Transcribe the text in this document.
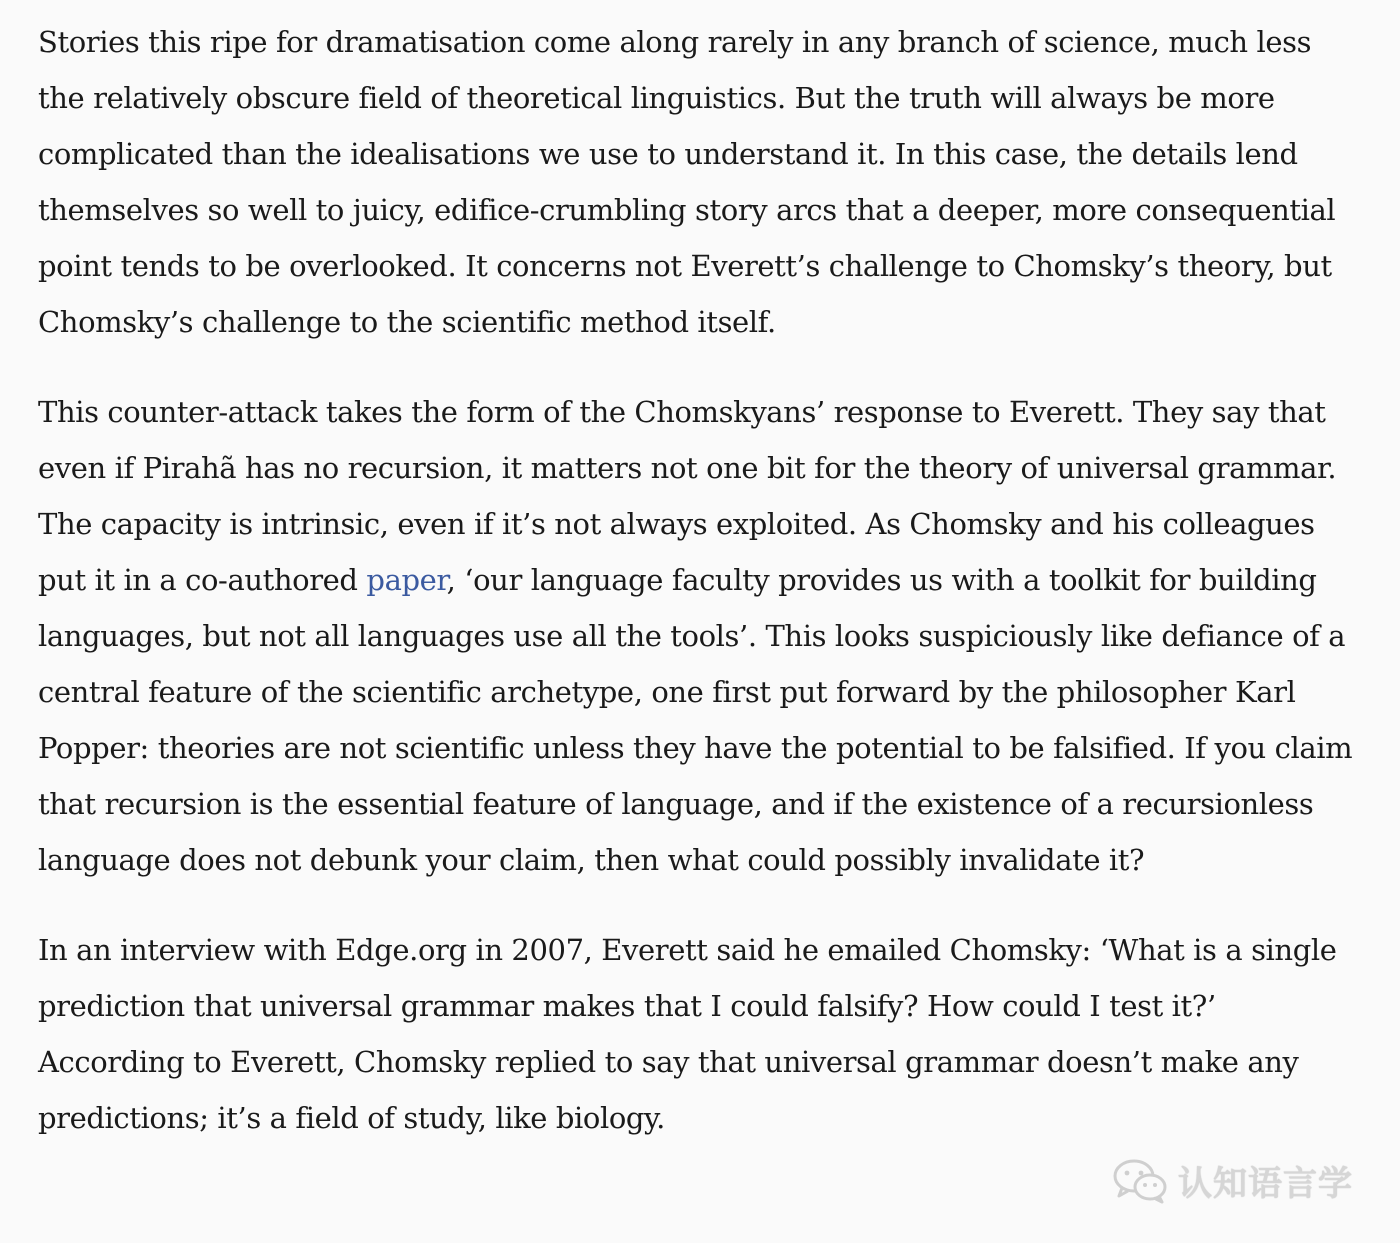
Stories this ripe for dramatisation come along rarely in any branch of science, much less the relatively obscure field of theoretical linguistics. But the truth will always be more complicated than the idealisations we use to understand it. In this case, the details lend themselves so well to juicy, edifice-crumbling story arcs that a deeper, more consequential point tends to be overlooked. It concerns not Everett’s challenge to Chomsky’s theory, but Chomsky’s challenge to the scientific method itself.

This counter-attack takes the form of the Chomskyans’ response to Everett. They say that even if Pirahã has no recursion, it matters not one bit for the theory of universal grammar. The capacity is intrinsic, even if it’s not always exploited. As Chomsky and his colleagues put it in a co-authored paper, ‘our language faculty provides us with a toolkit for building languages, but not all languages use all the tools’. This looks suspiciously like defiance of a central feature of the scientific archetype, one first put forward by the philosopher Karl Popper: theories are not scientific unless they have the potential to be falsified. If you claim that recursion is the essential feature of language, and if the existence of a recursionless language does not debunk your claim, then what could possibly invalidate it?

In an interview with Edge.org in 2007, Everett said he emailed Chomsky: ‘What is a single prediction that universal grammar makes that I could falsify? How could I test it?’ According to Everett, Chomsky replied to say that universal grammar doesn’t make any predictions; it’s a field of study, like biology.

认知语言学
